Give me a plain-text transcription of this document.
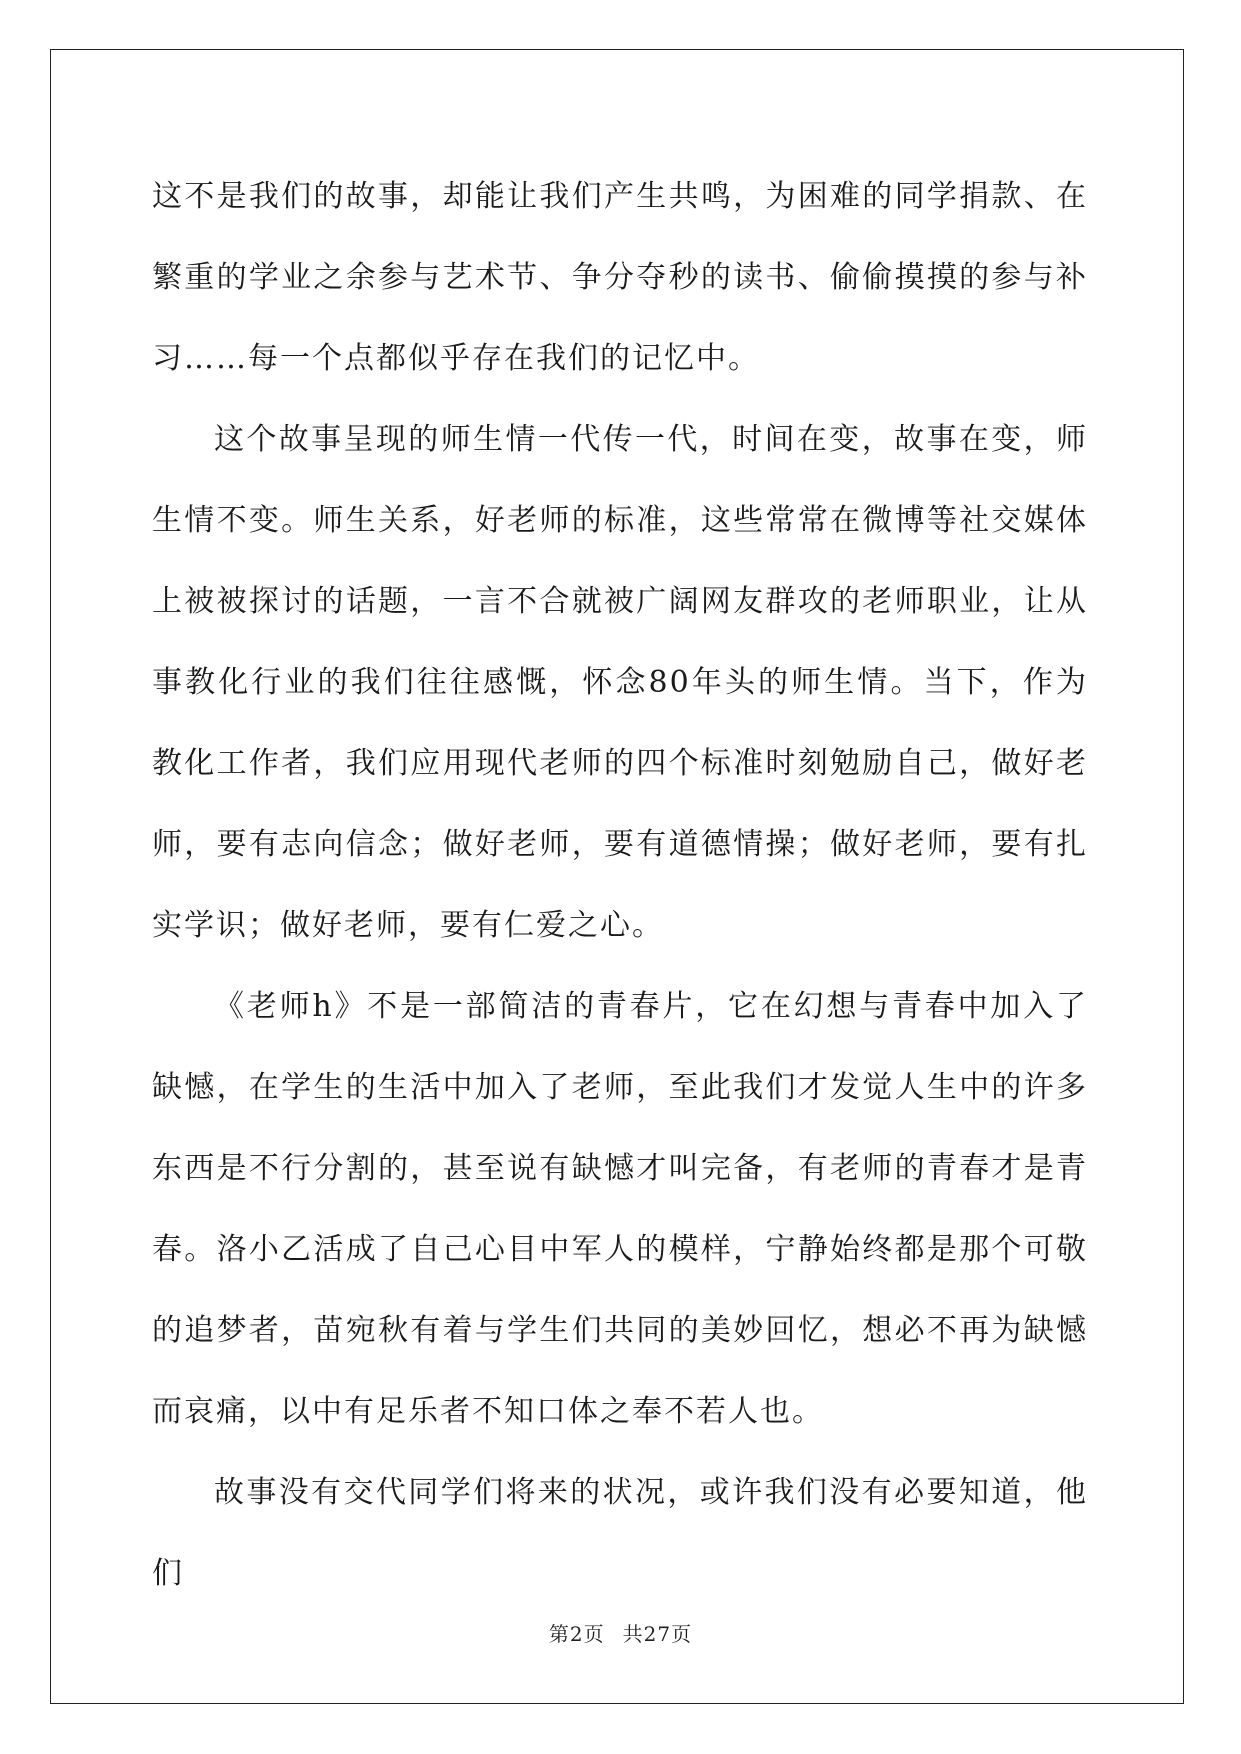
这不是我们的故事，却能让我们产生共鸣，为困难的同学捐款、在繁重的学业之余参与艺术节、争分夺秒的读书、偷偷摸摸的参与补习……每一个点都似乎存在我们的记忆中。

这个故事呈现的师生情一代传一代，时间在变，故事在变，师生情不变。师生关系，好老师的标准，这些常常在微博等社交媒体上被被探讨的话题，一言不合就被广阔网友群攻的老师职业，让从事教化行业的我们往往感慨，怀念80年头的师生情。当下，作为教化工作者，我们应用现代老师的四个标准时刻勉励自己，做好老师，要有志向信念；做好老师，要有道德情操；做好老师，要有扎实学识；做好老师，要有仁爱之心。

《老师h》不是一部简洁的青春片，它在幻想与青春中加入了缺憾，在学生的生活中加入了老师，至此我们才发觉人生中的许多东西是不行分割的，甚至说有缺憾才叫完备，有老师的青春才是青春。洛小乙活成了自己心目中军人的模样，宁静始终都是那个可敬的追梦者，苗宛秋有着与学生们共同的美妙回忆，想必不再为缺憾而哀痛，以中有足乐者不知口体之奉不若人也。

故事没有交代同学们将来的状况，或许我们没有必要知道，他们

第2页 共27页
